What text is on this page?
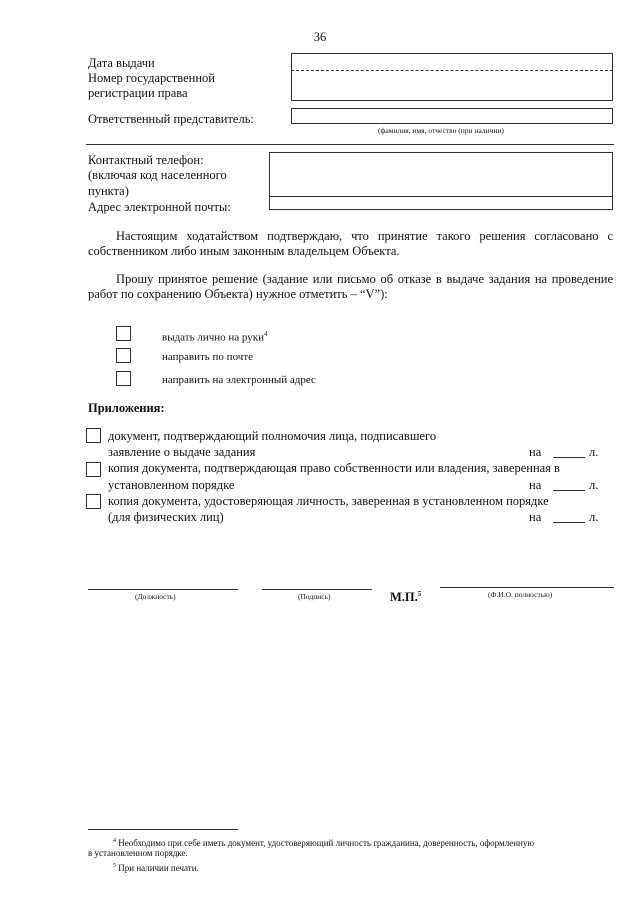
36
Дата выдачи
Номер государственной
регистрации права
Ответственный представитель:
(фамилия, имя, отчество (при наличии)
Контактный телефон:
(включая код населенного
пункта)
Адрес электронной почты:
Настоящим ходатайством подтверждаю, что принятие такого решения согласовано с собственником либо иным законным владельцем Объекта.
Прошу принятое решение (задание или письмо об отказе в выдаче задания на проведение работ по сохранению Объекта) нужное отметить – “V”):
выдать лично на руки$^4$
направить по почте
направить на электронный адрес
Приложения:
документ, подтверждающий полномочия лица, подписавшего
заявление о выдаче задания	на	л.
копия документа, подтверждающая право собственности или владения, заверенная в
установленном порядке	на	л.
копия документа, удостоверяющая личность, заверенная в установленном порядке
(для физических лиц)	на	л.
(Должность)	(Подпись)	М.П.$^5$	(Ф.И.О. полностью)
$^4$ Необходимо при себе иметь документ, удостоверяющий личность гражданина, доверенность, оформленную
в установленном порядке.
$^5$ При наличии печати.
